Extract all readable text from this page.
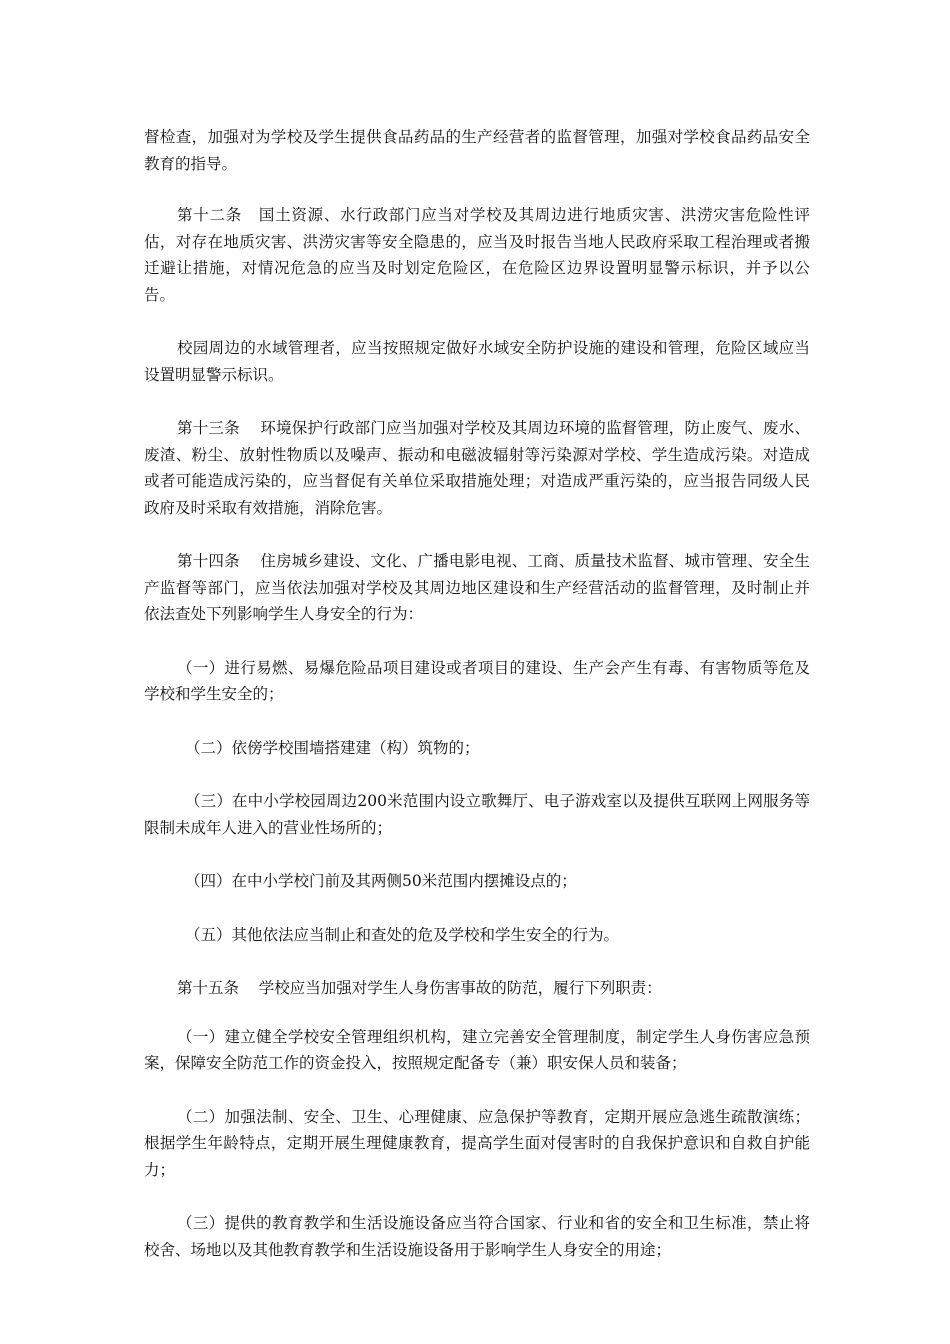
督检查，加强对为学校及学生提供食品药品的生产经营者的监督管理，加强对学校食品药品安全教育的指导。

第十二条 国土资源、水行政部门应当对学校及其周边进行地质灾害、洪涝灾害危险性评估，对存在地质灾害、洪涝灾害等安全隐患的，应当及时报告当地人民政府采取工程治理或者搬迁避让措施，对情况危急的应当及时划定危险区，在危险区边界设置明显警示标识，并予以公告。

校园周边的水域管理者，应当按照规定做好水域安全防护设施的建设和管理，危险区域应当设置明显警示标识。

第十三条 环境保护行政部门应当加强对学校及其周边环境的监督管理，防止废气、废水、废渣、粉尘、放射性物质以及噪声、振动和电磁波辐射等污染源对学校、学生造成污染。对造成或者可能造成污染的，应当督促有关单位采取措施处理；对造成严重污染的，应当报告同级人民政府及时采取有效措施，消除危害。

第十四条 住房城乡建设、文化、广播电影电视、工商、质量技术监督、城市管理、安全生产监督等部门，应当依法加强对学校及其周边地区建设和生产经营活动的监督管理，及时制止并依法查处下列影响学生人身安全的行为：

（一）进行易燃、易爆危险品项目建设或者项目的建设、生产会产生有毒、有害物质等危及学校和学生安全的；

（二）依傍学校围墙搭建建（构）筑物的；

（三）在中小学校园周边200米范围内设立歌舞厅、电子游戏室以及提供互联网上网服务等限制未成年人进入的营业性场所的；

（四）在中小学校门前及其两侧50米范围内摆摊设点的；

（五）其他依法应当制止和查处的危及学校和学生安全的行为。

第十五条 学校应当加强对学生人身伤害事故的防范，履行下列职责：

（一）建立健全学校安全管理组织机构，建立完善安全管理制度，制定学生人身伤害应急预案，保障安全防范工作的资金投入，按照规定配备专（兼）职安保人员和装备；

（二）加强法制、安全、卫生、心理健康、应急保护等教育，定期开展应急逃生疏散演练；根据学生年龄特点，定期开展生理健康教育，提高学生面对侵害时的自我保护意识和自救自护能力；

（三）提供的教育教学和生活设施设备应当符合国家、行业和省的安全和卫生标准，禁止将校舍、场地以及其他教育教学和生活设施设备用于影响学生人身安全的用途；
